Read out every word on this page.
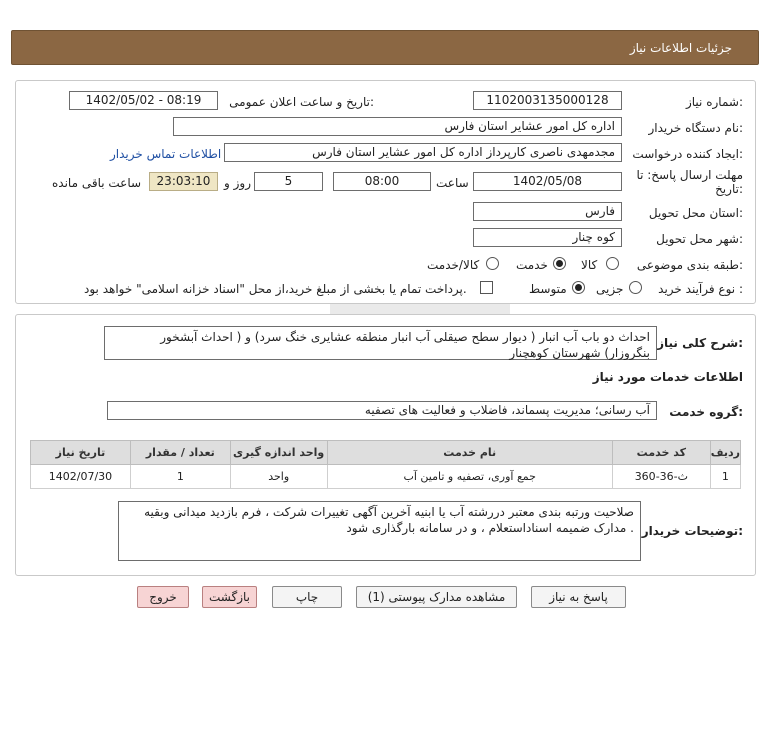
جزئیات اطلاعات نیاز
شماره نیاز:
1102003135000128
تاریخ و ساعت اعلان عمومی:
1402/05/02 - 08:19
نام دستگاه خریدار:
اداره کل امور عشایر استان فارس
ایجاد کننده درخواست:
مجدمهدی ناصری کارپرداز اداره کل امور عشایر استان فارس
اطلاعات تماس خریدار
مهلت ارسال پاسخ: تا
تاریخ:
1402/05/08
ساعت
08:00
5
روز و
23:03:10
ساعت باقی مانده
استان محل تحویل:
فارس
شهر محل تحویل:
کوه چنار
طبقه بندی موضوعی:
کالا
خدمت
کالا/خدمت
نوع فرآیند خرید :
جزیی
متوسط
پرداخت تمام یا بخشی از مبلغ خرید،از محل "اسناد خزانه اسلامی" خواهد بود.
شرح کلی نیاز:
احداث دو باب آب انبار ( دیوار سطح صیقلی آب انبار منطقه عشایری خنگ سرد) و ( احداث آبشخور بنگروزار) شهرستان کوهچنار
اطلاعات خدمات مورد نیاز
گروه خدمت:
آب رسانی؛ مدیریت پسماند، فاضلاب و فعالیت های تصفیه
ردیف	کد خدمت	نام خدمت	واحد اندازه گیری	تعداد / مقدار	تاریخ نیاز
1	ث-36-360	جمع آوری، تصفیه و تامین آب	واحد	1	1402/07/30
توضیحات خریدار:
صلاحیت ورتبه بندی معتبر دررشته آب یا ابنیه آخرین آگهی تغییرات شرکت ، فرم بازدید میدانی وبقیه مدارک ضمیمه اسناداستعلام ، و در سامانه بارگذاری شود .
پاسخ به نیاز
مشاهده مدارک پیوستی (1)
چاپ
بازگشت
خروج
